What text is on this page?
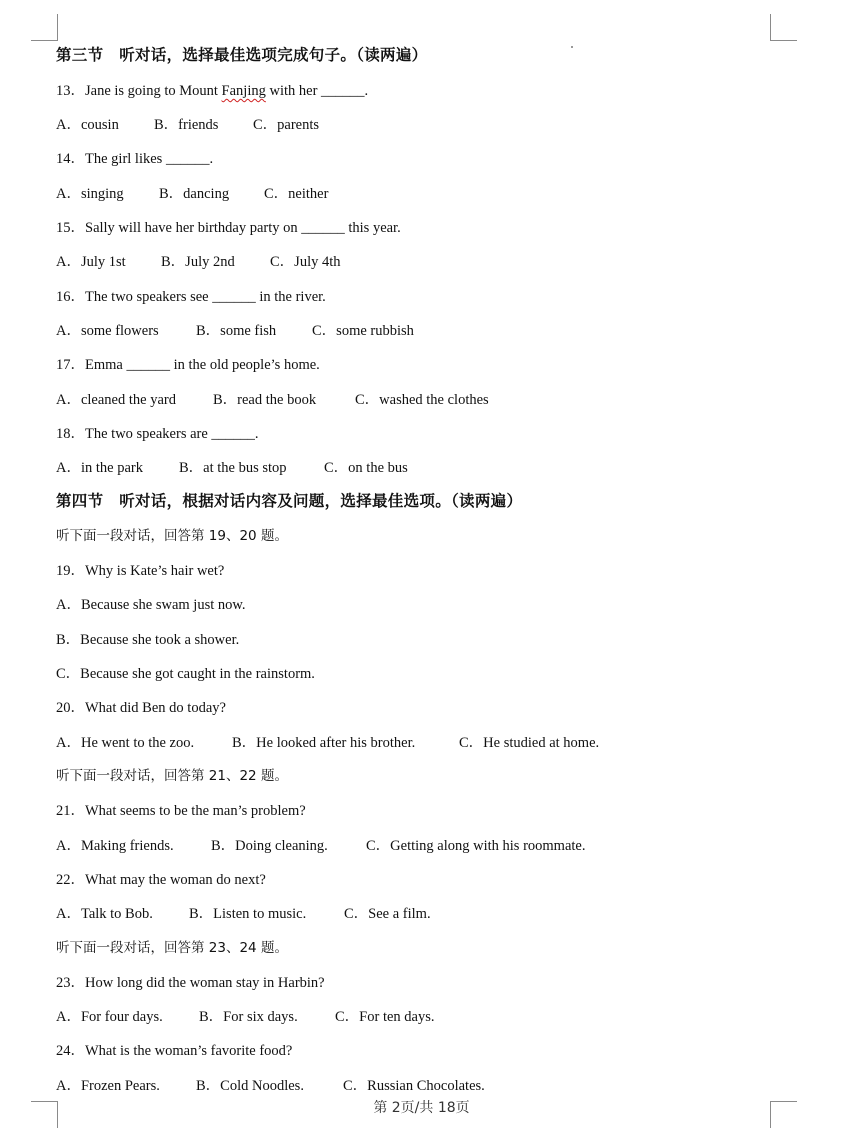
第三节　听对话，选择最佳选项完成句子。（读两遍）
13．Jane is going to Mount Fanjing with her ______.
A．cousin B．friends C．parents
14．The girl likes ______.
A．singing B．dancing C．neither
15．Sally will have her birthday party on ______ this year.
A．July 1st B．July 2nd C．July 4th
16．The two speakers see ______ in the river.
A．some flowers	B．some fish C．some rubbish
17．Emma ______ in the old people’s home.
A．cleaned the yard	B．read the book	C．washed the clothes
18．The two speakers are ______.
A．in the park B．at the bus stop	C．on the bus
第四节　听对话，根据对话内容及问题，选择最佳选项。（读两遍）
听下面一段对话，回答第 19、20 题。
19．Why is Kate’s hair wet?
A．Because she swam just now.
B．Because she took a shower.
C．Because she got caught in the rainstorm.
20．What did Ben do today?
A．He went to the zoo.	B．He looked after his brother.	C．He studied at home.
听下面一段对话，回答第 21、22 题。
21．What seems to be the man’s problem?
A．Making friends.	B．Doing cleaning.	C．Getting along with his roommate.
22．What may the woman do next?
A．Talk to Bob. B．Listen to music.	C．See a film.
听下面一段对话，回答第 23、24 题。
23．How long did the woman stay in Harbin?
A．For four days.	B．For six days.	C．For ten days.
24．What is the woman’s favorite food?
A．Frozen Pears. B．Cold Noodles.	C．Russian Chocolates.
第 2页/共 18页
